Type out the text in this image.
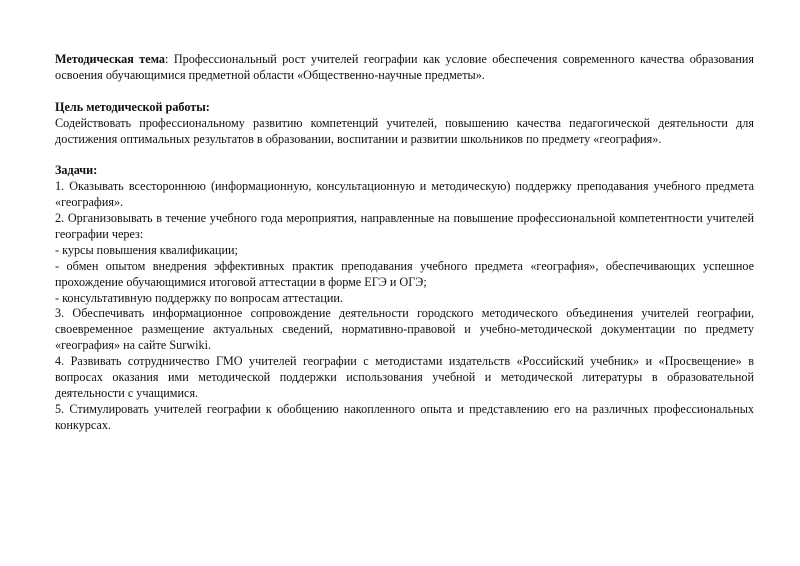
Методическая тема: Профессиональный рост учителей географии как условие обеспечения современного качества образования освоения обучающимися предметной области «Общественно-научные предметы».

Цель методической работы:

Содействовать профессиональному развитию компетенций учителей, повышению качества педагогической деятельности для достижения оптимальных результатов в образовании, воспитании и развитии школьников по предмету «география».

Задачи:

1. Оказывать всестороннюю (информационную, консультационную и методическую) поддержку преподавания учебного предмета «география».

2. Организовывать в течение учебного года мероприятия, направленные на повышение профессиональной компетентности учителей географии через:

- курсы повышения квалификации;

- обмен опытом внедрения эффективных практик преподавания учебного предмета «география», обеспечивающих успешное прохождение обучающимися итоговой аттестации в форме ЕГЭ и ОГЭ;

- консультативную поддержку по вопросам аттестации.

3. Обеспечивать информационное сопровождение деятельности городского методического объединения учителей географии, своевременное размещение актуальных сведений, нормативно-правовой и учебно-методической документации по предмету «география» на сайте Surwiki.

4. Развивать сотрудничество ГМО учителей географии с методистами издательств «Российский учебник» и «Просвещение» в вопросах оказания ими методической поддержки использования учебной и методической литературы в образовательной деятельности с учащимися.

5. Стимулировать учителей географии к обобщению накопленного опыта и представлению его на различных профессиональных конкурсах.
